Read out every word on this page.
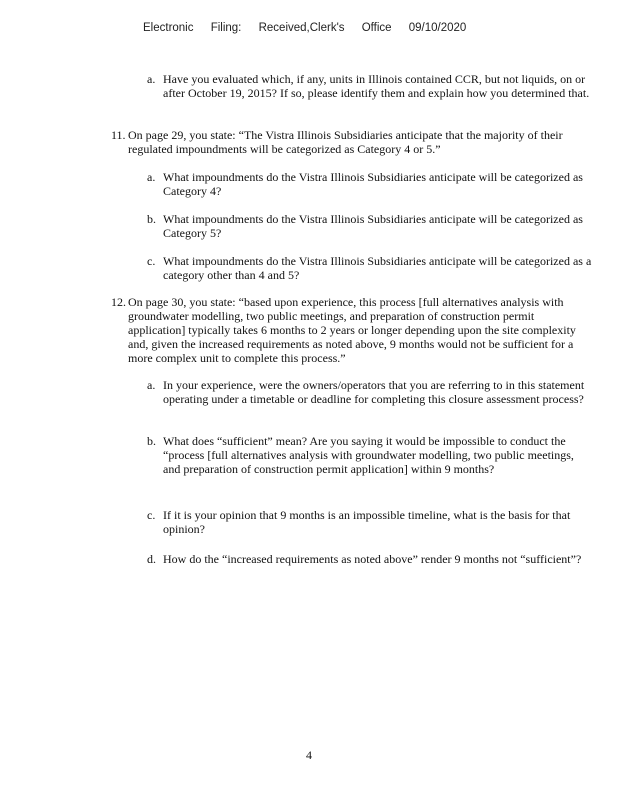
Electronic Filing: Received,Clerk's Office 09/10/2020
a. Have you evaluated which, if any, units in Illinois contained CCR, but not liquids, on or after October 19, 2015? If so, please identify them and explain how you determined that.
11. On page 29, you state: “The Vistra Illinois Subsidiaries anticipate that the majority of their regulated impoundments will be categorized as Category 4 or 5.”
a. What impoundments do the Vistra Illinois Subsidiaries anticipate will be categorized as Category 4?
b. What impoundments do the Vistra Illinois Subsidiaries anticipate will be categorized as Category 5?
c. What impoundments do the Vistra Illinois Subsidiaries anticipate will be categorized as a category other than 4 and 5?
12. On page 30, you state: “based upon experience, this process [full alternatives analysis with groundwater modelling, two public meetings, and preparation of construction permit application] typically takes 6 months to 2 years or longer depending upon the site complexity and, given the increased requirements as noted above, 9 months would not be sufficient for a more complex unit to complete this process.”
a. In your experience, were the owners/operators that you are referring to in this statement operating under a timetable or deadline for completing this closure assessment process?
b. What does “sufficient” mean? Are you saying it would be impossible to conduct the “process [full alternatives analysis with groundwater modelling, two public meetings, and preparation of construction permit application] within 9 months?
c. If it is your opinion that 9 months is an impossible timeline, what is the basis for that opinion?
d. How do the “increased requirements as noted above” render 9 months not “sufficient”?
4
